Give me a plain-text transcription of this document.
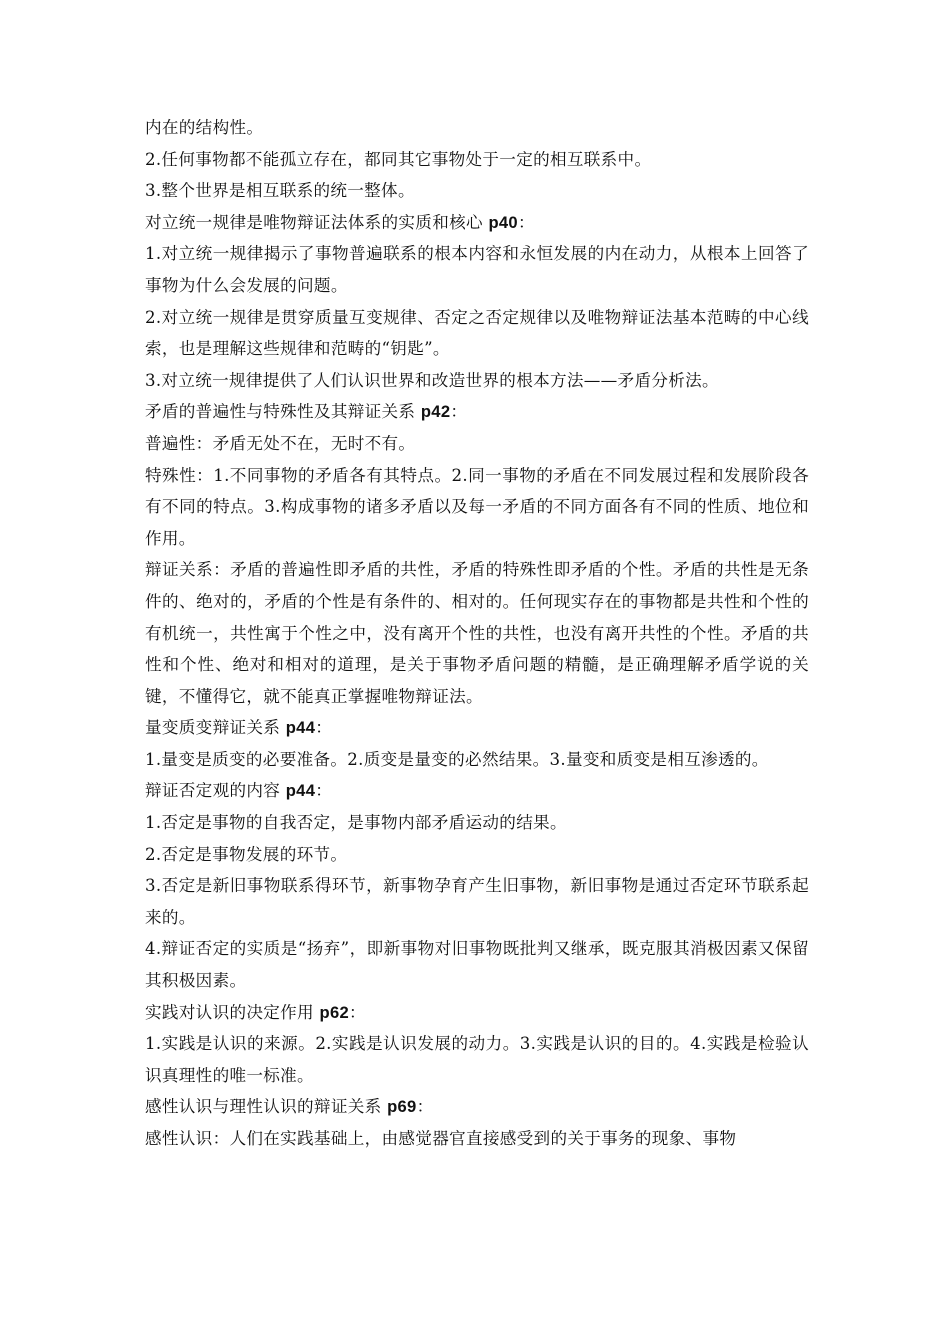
内在的结构性。

2.任何事物都不能孤立存在，都同其它事物处于一定的相互联系中。

3.整个世界是相互联系的统一整体。

对立统一规律是唯物辩证法体系的实质和核心 p40：

1.对立统一规律揭示了事物普遍联系的根本内容和永恒发展的内在动力，从根本上回答了事物为什么会发展的问题。

2.对立统一规律是贯穿质量互变规律、否定之否定规律以及唯物辩证法基本范畴的中心线索，也是理解这些规律和范畴的“钥匙”。

3.对立统一规律提供了人们认识世界和改造世界的根本方法——矛盾分析法。

矛盾的普遍性与特殊性及其辩证关系 p42：

普遍性：矛盾无处不在，无时不有。

特殊性：1.不同事物的矛盾各有其特点。2.同一事物的矛盾在不同发展过程和发展阶段各有不同的特点。3.构成事物的诸多矛盾以及每一矛盾的不同方面各有不同的性质、地位和作用。

辩证关系：矛盾的普遍性即矛盾的共性，矛盾的特殊性即矛盾的个性。矛盾的共性是无条件的、绝对的，矛盾的个性是有条件的、相对的。任何现实存在的事物都是共性和个性的有机统一，共性寓于个性之中，没有离开个性的共性，也没有离开共性的个性。矛盾的共性和个性、绝对和相对的道理，是关于事物矛盾问题的精髓，是正确理解矛盾学说的关键，不懂得它，就不能真正掌握唯物辩证法。

量变质变辩证关系 p44：

1.量变是质变的必要准备。2.质变是量变的必然结果。3.量变和质变是相互渗透的。

辩证否定观的内容 p44：

1.否定是事物的自我否定，是事物内部矛盾运动的结果。

2.否定是事物发展的环节。

3.否定是新旧事物联系得环节，新事物孕育产生旧事物，新旧事物是通过否定环节联系起来的。

4.辩证否定的实质是“扬弃”，即新事物对旧事物既批判又继承，既克服其消极因素又保留其积极因素。

实践对认识的决定作用 p62：

1.实践是认识的来源。2.实践是认识发展的动力。3.实践是认识的目的。4.实践是检验认识真理性的唯一标准。

感性认识与理性认识的辩证关系 p69：

感性认识：人们在实践基础上，由感觉器官直接感受到的关于事务的现象、事物
